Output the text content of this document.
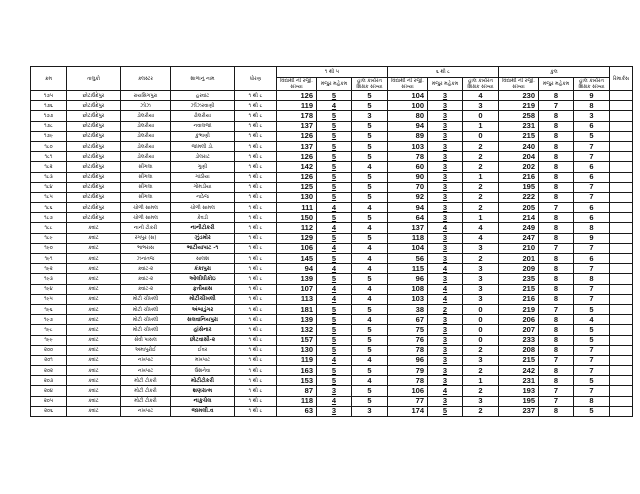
ક્રમ	તાલુકો	ક્લસ્ટર	શાળાનું નામ	ધોરણ	૧ થી ૫			૬ થી ૮			કુલ			રિમાર્કસ
					વિદ્યાર્થી ની રજી. સંખ્યા	મંજુર મહેકમ	હાલ કાર્યરત શિક્ષક સંખ્યા	વિદ્યાર્થી ની રજી. સંખ્યા	મંજુર મહેકમ	હાલ કાર્યરત શિક્ષક સંખ્યા	વિદ્યાર્થી ની રજી. સંખ્યા	મંજુર મહેકમ	હાલ કાર્યરત શિક્ષક સંખ્યા	
૧૭૫	છોટાઉદેપુર	રાયસિંગપુરા	હરવાંટ	૧ થી ૮	126	5	5	104	3	4	230	8	9	
૧૭૬	છોટાઉદેપુર	ઝોઝ	ઝીંઝરવાણી	૧ થી ૮	119	4	5	100	3	3	219	7	8	
૧૭૭	છોટાઉદેપુર	ડોલરીયા	ઢોલરીયા	૧ થી ૮	178	5	3	80	3	0	258	8	3	
૧૭૮	છોટાઉદેપુર	ડોલરીયા	નવાલજા	૧ થી ૮	137	5	5	94	3	1	231	8	6	
૧૭૯	છોટાઉદેપુર	ડોલરીયા	કુંભાણી	૧ થી ૮	126	5	5	89	3	0	215	8	5	
૧૮૦	છોટાઉદેપુર	ડોલરીયા	જામલી ડો.	૧ થી ૮	137	5	5	103	3	2	240	8	7	
૧૮૧	છોટાઉદેપુર	ડોલરીયા	ડોલરાટ	૧ થી ૮	126	5	5	78	3	2	204	8	7	
૧૮૨	છોટાઉદેપુર	સીંગલા	ગુણી	૧ થી ૮	142	5	4	60	3	2	202	8	6	
૧૮૩	છોટાઉદેપુર	સીંગલા	ગાંઠીયા	૧ થી ૮	126	5	5	90	3	1	216	8	6	
૧૮૪	છોટાઉદેપુર	સીંગલા	ગોમડીયા	૧ થી ૮	125	5	5	70	3	2	195	8	7	
૧૮૫	છોટાઉદેપુર	સીંગલા	નાઠેજ	૧ થી ૮	130	5	5	92	3	2	222	8	7	
૧૮૬	છોટાઉદેપુર	ચોળી સામલ	ચોળી સામલ	૧ થી ૮	111	4	4	94	3	2	205	7	6	
૧૮૭	છોટાઉદેપુર	ચોળી સામલ	કેવડી	૧ થી ૮	150	5	5	64	3	1	214	8	6	
૧૮૮	ક્વાંટ	નાની ટોકરી	નાનીટોકરી	૧ થી ૮	112	4	4	137	4	4	249	8	8	
૧૮૯	ક્વાંટ	રંગપુર (સ)	ઝુંડમોર	૧ થી ૮	129	5	5	118	3	4	247	8	9	
૧૯૦	ક્વાંટ	ભાભરાસ	ભાટીયાપાટ -૧	૧ થી ૮	106	4	4	104	3	3	210	7	7	
૧૯૧	ક્વાંટ	ઝનાંતજ	સાલશ	૧ થી ૮	145	5	4	56	3	2	201	8	6	
૧૯૨	ક્વાંટ	ક્વાંટ-૨	કંકાપુરા	૧ થી ૮	94	4	4	115	4	3	209	8	7	
૧૯૩	ક્વાંટ	ક્વાંટ-૨	ઓલીધીકોઇ	૧ થી ૮	139	5	5	96	3	3	235	8	8	
૧૯૪	ક્વાંટ	ક્વાંટ-૨	ફતીયાસ	૧ થી ૮	107	4	4	108	4	3	215	8	7	
૧૯૫	ક્વાંટ	મોટી ચીખલી	મોટીચીખલી	૧ થી ૮	113	4	4	103	4	3	216	8	7	
૧૯૬	ક્વાંટ	મોટી ચીખલી	અંબાડુંગર	૧ થી ૮	181	5	5	38	2	0	219	7	5	
૧૯૭	ક્વાંટ	મોટી ચીખલી	સલવાનિયપુરા	૧ થી ૮	139	5	4	67	3	0	206	8	4	
૧૯૮	ક્વાંટ	મોટી ચીખલી	હાંસેનાર	૧ થી ૮	132	5	5	75	3	0	207	8	5	
૧૯૯	ક્વાંટ	સેવી પાસલ	છોટવાસી-૨	૧ થી ૮	157	5	5	76	3	0	233	8	5	
૨૦૦	ક્વાંટ	અમાપુરોઈ	ઈવર	૧ થી ૮	130	5	5	78	3	2	208	8	7	
૨૦૧	ક્વાંટ	નખપાટ	મખપાટ	૧ થી ૮	119	4	4	96	3	3	215	7	7	
૨૦૨	ક્વાંટ	નખપાટ	ઉશનેવા	૧ થી ૮	163	5	5	79	3	2	242	8	7	
૨૦૩	ક્વાંટ	મોટી ટોકરી	મોટીટોકરી	૧ થી ૮	153	5	4	78	3	1	231	8	5	
૨૦૪	ક્વાંટ	મોટી ટોકરી	શણરાત્મ	૧ થી ૮	87	3	5	106	4	2	193	7	7	
૨૦૫	ક્વાંટ	મોટી ટોકરી	નાકુચેલ	૧ થી ૮	118	4	5	77	3	3	195	7	8	
૨૦૬	ક્વાંટ	નખપાટ	જામલી.વ	૧ થી ૮	63	3	3	174	5	2	237	8	5	
